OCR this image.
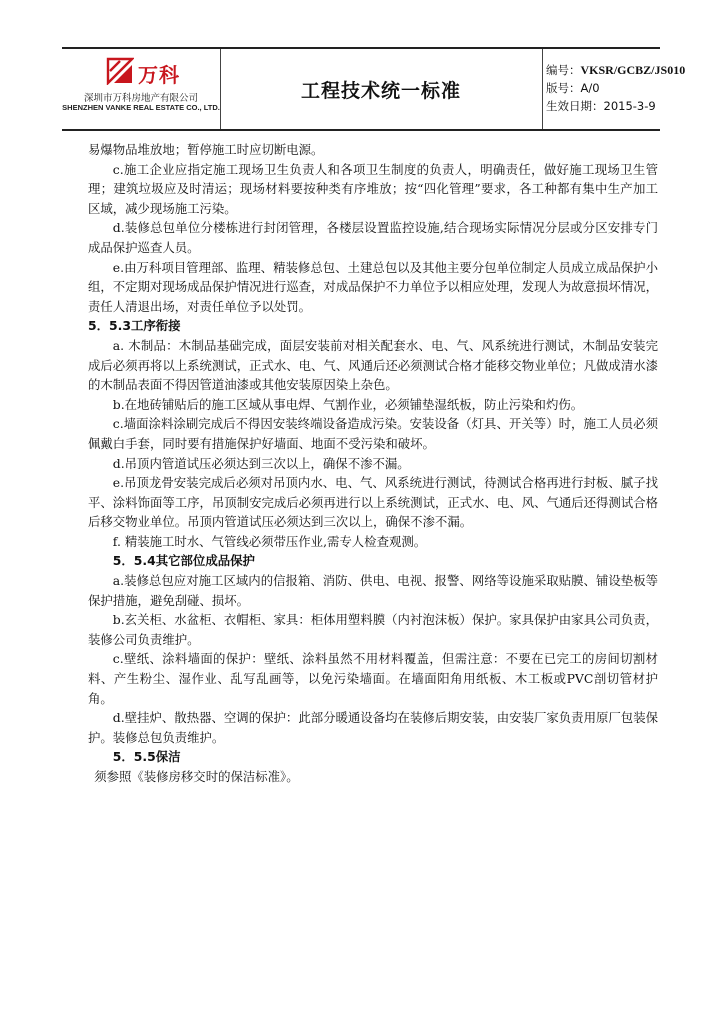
万科
深圳市万科房地产有限公司
SHENZHEN VANKE REAL ESTATE CO., LTD.
工程技术统一标准
编号：VKSR/GCBZ/JS010
版号：A/0
生效日期：2015-3-9

易爆物品堆放地；暂停施工时应切断电源。

c.施工企业应指定施工现场卫生负责人和各项卫生制度的负责人，明确责任，做好施工现场卫生管理；建筑垃圾应及时清运；现场材料要按种类有序堆放；按“四化管理”要求，各工种都有集中生产加工区域，减少现场施工污染。

d.装修总包单位分楼栋进行封闭管理，各楼层设置监控设施,结合现场实际情况分层或分区安排专门成品保护巡查人员。

e.由万科项目管理部、监理、精装修总包、土建总包以及其他主要分包单位制定人员成立成品保护小组，不定期对现场成品保护情况进行巡查，对成品保护不力单位予以相应处理，发现人为故意损坏情况，责任人清退出场，对责任单位予以处罚。

5．5.3工序衔接

a. 木制品：木制品基础完成，面层安装前对相关配套水、电、气、风系统进行测试，木制品安装完成后必须再将以上系统测试，正式水、电、气、风通后还必须测试合格才能移交物业单位；凡做成清水漆的木制品表面不得因管道油漆或其他安装原因染上杂色。

b.在地砖铺贴后的施工区域从事电焊、气割作业，必须铺垫湿纸板，防止污染和灼伤。

c.墙面涂料涂刷完成后不得因安装终端设备造成污染。安装设备（灯具、开关等）时，施工人员必须佩戴白手套，同时要有措施保护好墙面、地面不受污染和破坏。

d.吊顶内管道试压必须达到三次以上，确保不渗不漏。

e.吊顶龙骨安装完成后必须对吊顶内水、电、气、风系统进行测试，待测试合格再进行封板、腻子找平、涂料饰面等工序，吊顶制安完成后必须再进行以上系统测试，正式水、电、风、气通后还得测试合格后移交物业单位。吊顶内管道试压必须达到三次以上，确保不渗不漏。

f. 精装施工时水、气管线必须带压作业,需专人检查观测。

5．5.4其它部位成品保护

a.装修总包应对施工区域内的信报箱、消防、供电、电视、报警、网络等设施采取贴膜、铺设垫板等保护措施，避免刮碰、损坏。

b.玄关柜、水盆柜、衣帽柜、家具：柜体用塑料膜（内衬泡沫板）保护。家具保护由家具公司负责，装修公司负责维护。

c.壁纸、涂料墙面的保护：壁纸、涂料虽然不用材料覆盖，但需注意：不要在已完工的房间切割材料、产生粉尘、湿作业、乱写乱画等，以免污染墙面。在墙面阳角用纸板、木工板或PVC剖切管材护角。

d.壁挂炉、散热器、空调的保护：此部分暖通设备均在装修后期安装，由安装厂家负责用原厂包装保护。装修总包负责维护。

5．5.5保洁

须参照《装修房移交时的保洁标准》。
